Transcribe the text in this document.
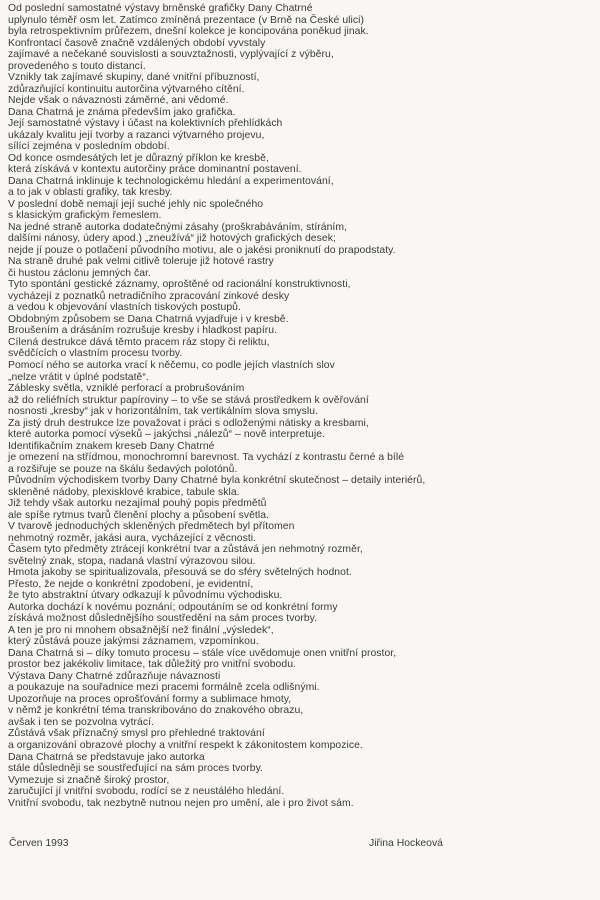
Od poslední samostatné výstavy brněnské grafičky Dany Chatrné
uplynulo téměř osm let. Zatímco zmíněná prezentace (v Brně na České ulici)
byla retrospektivním průřezem, dnešní kolekce je koncipována poněkud jinak.
Konfrontací časově značně vzdálených období vyvstaly
zajímavé a nečekané souvislosti a souvztažnosti, vyplývající z výběru,
provedeného s touto distancí.
Vznikly tak zajímavé skupiny, dané vnitřní příbuzností,
zdůrazňující kontinuitu autorčina výtvarného cítění.
Nejde však o návaznosti záměrné, ani vědomé.
Dana Chatrná je známa především jako grafička.
Její samostatné výstavy i účast na kolektivních přehlídkách
ukázaly kvalitu její tvorby a razanci výtvarného projevu,
sílící zejména v posledním období.
Od konce osmdesátých let je důrazný příklon ke kresbě,
která získává v kontextu autorčiny práce dominantní postavení.
Dana Chatrná inklinuje k technologickému hledání a experimentování,
a to jak v oblasti grafiky, tak kresby.
V poslední době nemají její suché jehly nic společného
s klasickým grafickým řemeslem.
Na jedné straně autorka dodatečnými zásahy (proškrabáváním, stíráním,
dalšími nánosy, údery apod.) „zneužívá“ již hotových grafických desek;
nejde jí pouze o potlačení původního motivu, ale o jakési proniknutí do prapodstaty.
Na straně druhé pak velmi citlivě toleruje již hotové rastry
či hustou záclonu jemných čar.
Tyto spontání gestické záznamy, oproštěné od racionální konstruktivnosti,
vycházejí z poznatků netradičního zpracování zinkové desky
a vedou k objevování vlastních tiskových postupů.
Obdobným způsobem se Dana Chatrná vyjadřuje i v kresbě.
Broušením a drásáním rozrušuje kresby i hladkost papíru.
Cílená destrukce dává těmto pracem ráz stopy či reliktu,
svědčících o vlastním procesu tvorby.
Pomocí ného se autorka vrací k něčemu, co podle jejích vlastních slov
„nelze vrátit v úplné podstatě“.
Záblesky světla, vzniklé perforací a probrušováním
až do reliéfních struktur papíroviny – to vše se stává prostředkem k ověřování
nosnosti „kresby“ jak v horizontálním, tak vertikálním slova smyslu.
Za jistý druh destrukce lze považovat i práci s odloženými nátisky a kresbami,
které autorka pomocí výseků – jakýchsi „nálezů“ – nově interpretuje.
Identifikačním znakem kreseb Dany Chatrné
je omezení na střídmou, monochromní barevnost. Ta vychází z kontrastu černé a bílé
a rozšiřuje se pouze na škálu šedavých polotónů.
Původním východiskem tvorby Dany Chatrné byla konkrétní skutečnost – detaily interiérů,
skleněné nádoby, plexisklové krabice, tabule skla.
Již tehdy však autorku nezajímal pouhý popis předmětů
ale spíše rytmus tvarů členění plochy a působení světla.
V tvarově jednoduchých skleněných předmětech byl přítomen
nehmotný rozměr, jakási aura, vycházející z věcnosti.
Časem tyto předměty ztrácejí konkrétní tvar a zůstává jen nehmotný rozměr,
světelný znak, stopa, nadaná vlastní výrazovou silou.
Hmota jakoby se spiritualizovala, přesouvá se do sféry světelných hodnot.
Přesto, že nejde o konkrétní zpodobení, je evidentní,
že tyto abstraktní útvary odkazují k původnímu východisku.
Autorka dochází k novému poznání; odpoutáním se od konkrétní formy
získává možnost důslednějšího soustředění na sám proces tvorby.
A ten je pro ni mnohem obsažnější než finální „výsledek“,
který zůstává pouze jakýmsi záznamem, vzpomínkou.
Dana Chatrná si – díky tomuto procesu – stále více uvědomuje onen vnitřní prostor,
prostor bez jakékoliv limitace, tak důležitý pro vnitřní svobodu.
Výstava Dany Chatrné zdůrazňuje návaznosti
a poukazuje na souřadnice mezi pracemi formálně zcela odlišnými.
Upozorňuje na proces oprošťování formy a sublimace hmoty,
v němž je konkrétní téma transkribováno do znakového obrazu,
avšak i ten se pozvolna vytrácí.
Zůstává však příznačný smysl pro přehledné traktování
a organizování obrazové plochy a vnitřní respekt k zákonitostem kompozice.
Dana Chatrná se představuje jako autorka
stále důsledněji se soustřeďující na sám proces tvorby.
Vymezuje si značně široký prostor,
zaručující jí vnitřní svobodu, rodící se z neustálého hledání.
Vnitřní svobodu, tak nezbytně nutnou nejen pro umění, ale i pro život sám.
Červen 1993	Jiřina Hockeová
